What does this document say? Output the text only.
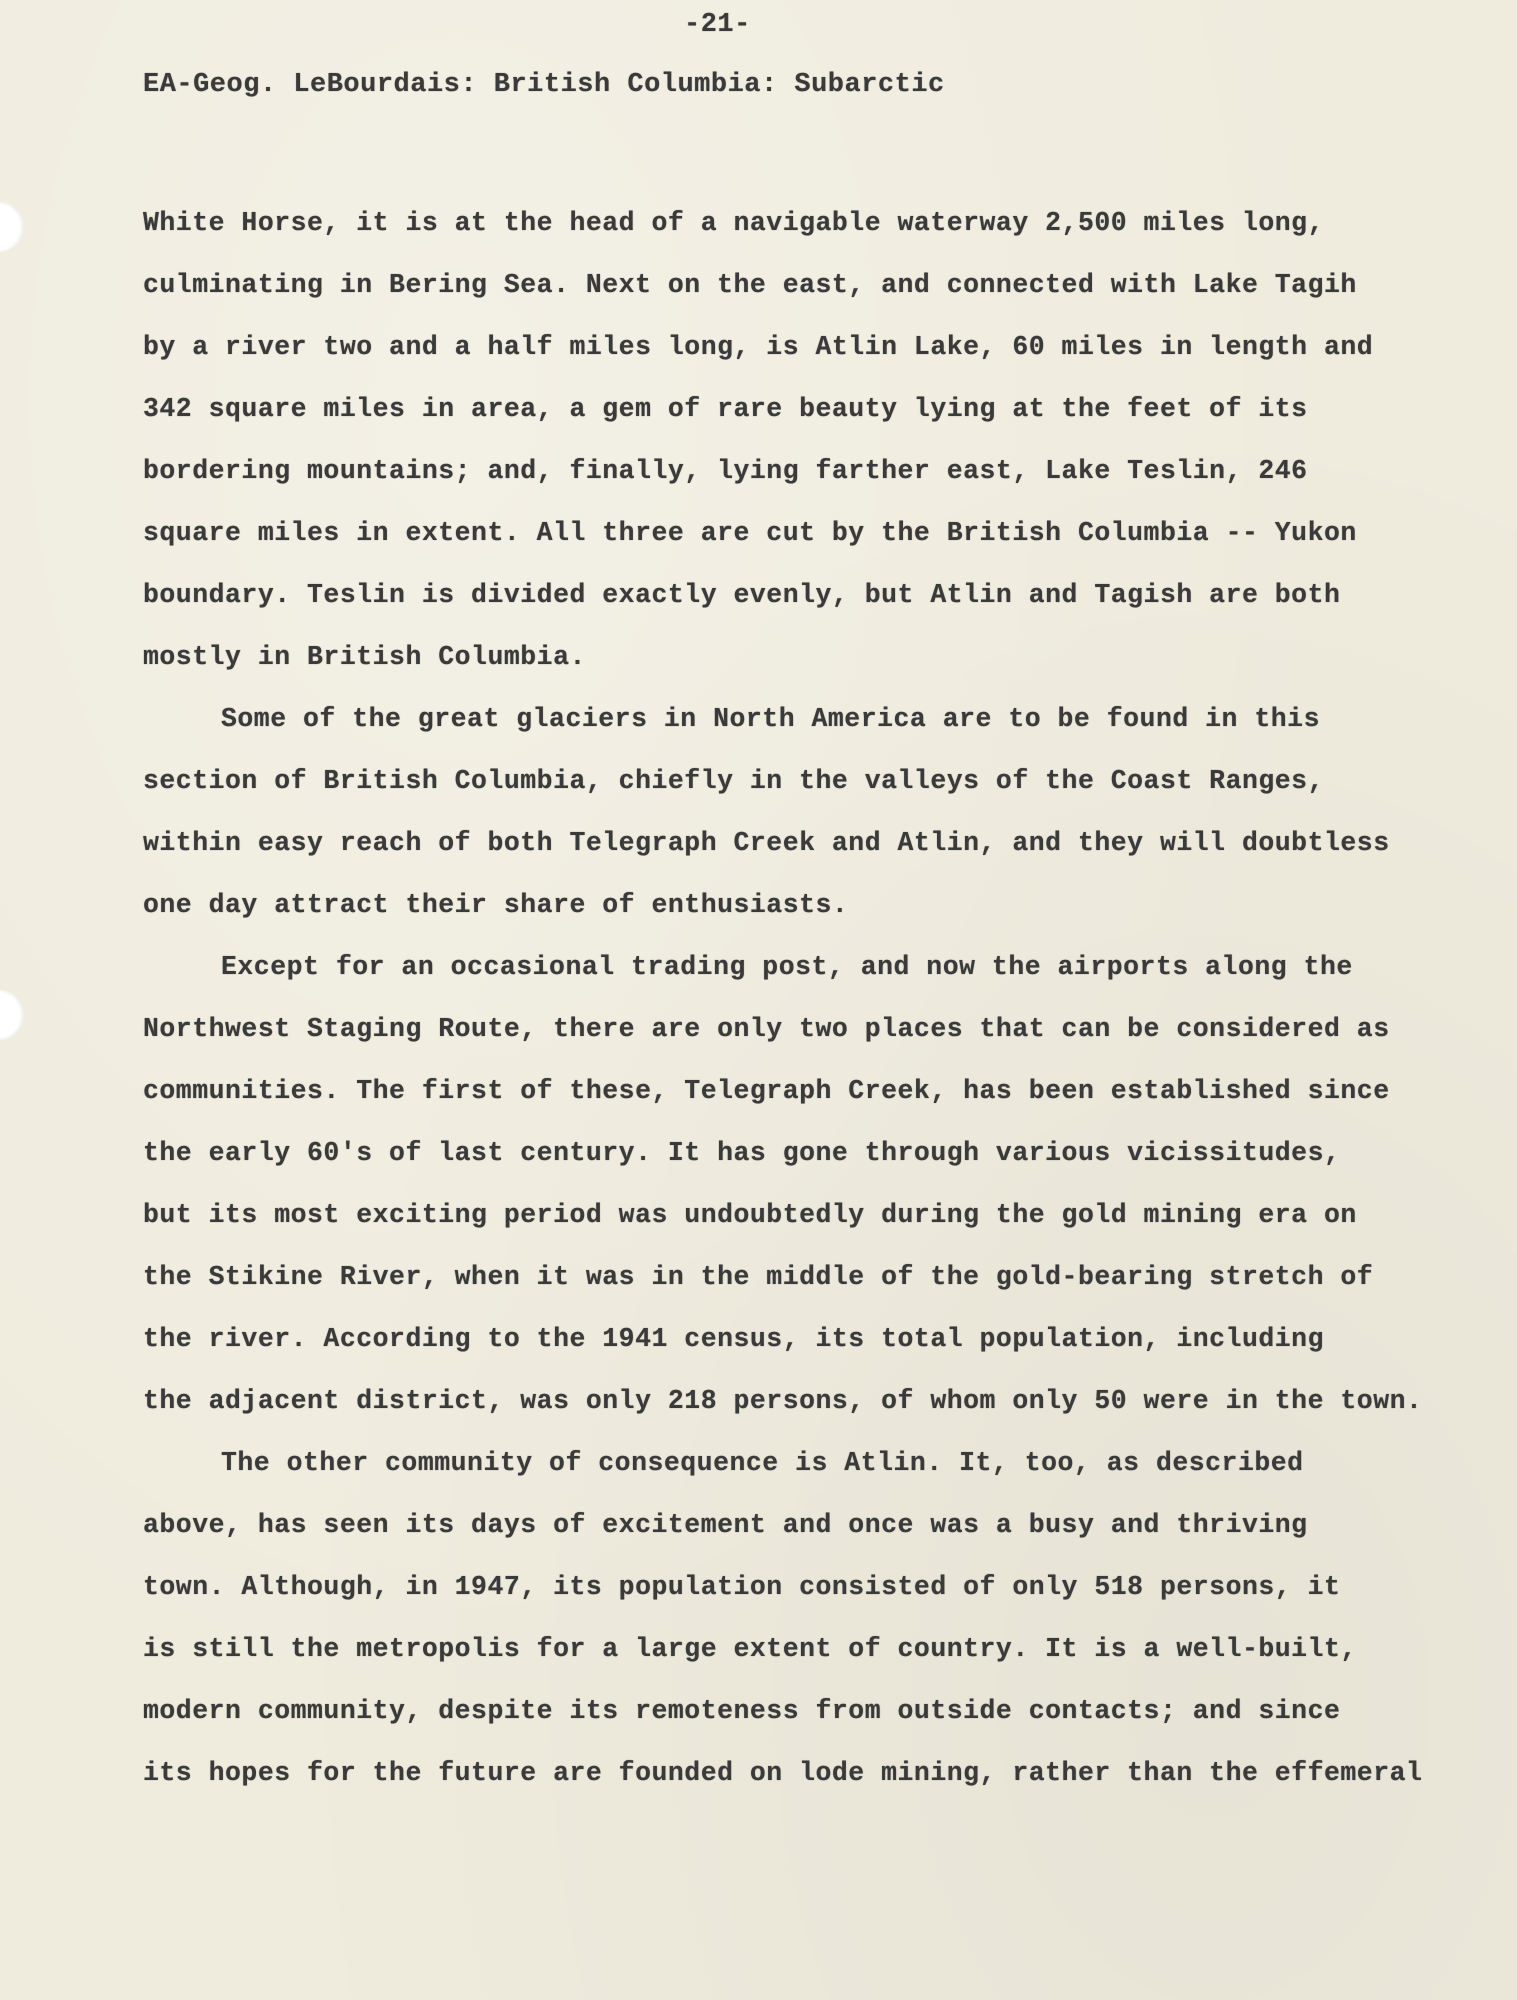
-21-
EA-Geog. LeBourdais: British Columbia: Subarctic
White Horse, it is at the head of a navigable waterway 2,500 miles long,
culminating in Bering Sea. Next on the east, and connected with Lake Tagih
by a river two and a half miles long, is Atlin Lake, 60 miles in length and
342 square miles in area, a gem of rare beauty lying at the feet of its
bordering mountains; and, finally, lying farther east, Lake Teslin, 246
square miles in extent. All three are cut by the British Columbia -- Yukon
boundary. Teslin is divided exactly evenly, but Atlin and Tagish are both
mostly in British Columbia.
Some of the great glaciers in North America are to be found in this
section of British Columbia, chiefly in the valleys of the Coast Ranges,
within easy reach of both Telegraph Creek and Atlin, and they will doubtless
one day attract their share of enthusiasts.
Except for an occasional trading post, and now the airports along the
Northwest Staging Route, there are only two places that can be considered as
communities. The first of these, Telegraph Creek, has been established since
the early 60's of last century. It has gone through various vicissitudes,
but its most exciting period was undoubtedly during the gold mining era on
the Stikine River, when it was in the middle of the gold-bearing stretch of
the river. According to the 1941 census, its total population, including
the adjacent district, was only 218 persons, of whom only 50 were in the town.
The other community of consequence is Atlin. It, too, as described
above, has seen its days of excitement and once was a busy and thriving
town. Although, in 1947, its population consisted of only 518 persons, it
is still the metropolis for a large extent of country. It is a well-built,
modern community, despite its remoteness from outside contacts; and since
its hopes for the future are founded on lode mining, rather than the effemeral
